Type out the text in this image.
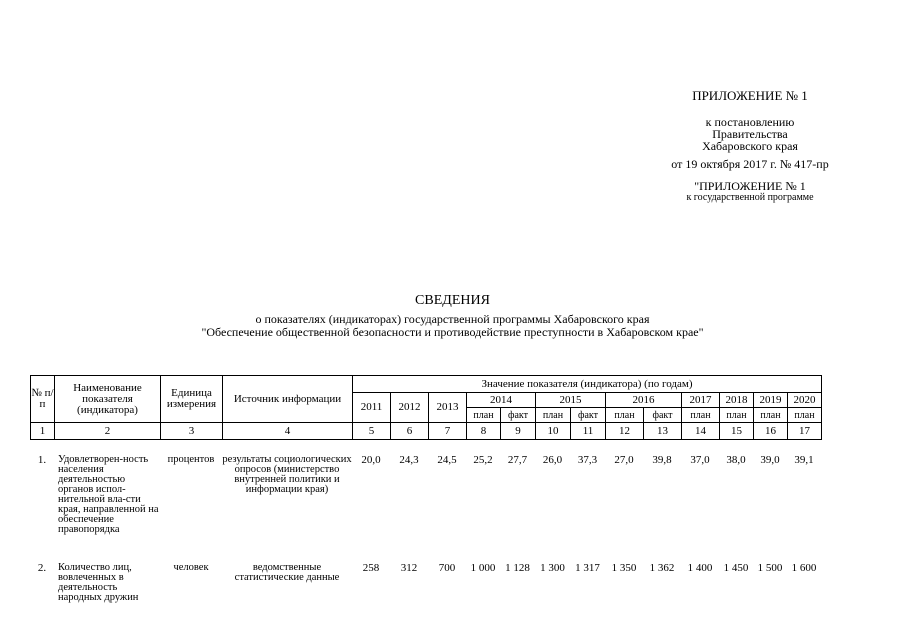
ПРИЛОЖЕНИЕ № 1
к постановлению
Правительства
Хабаровского края
от 19 октября 2017 г. № 417-пр
"ПРИЛОЖЕНИЕ № 1
к государственной программе
СВЕДЕНИЯ
о показателях (индикаторах) государственной программы Хабаровского края
"Обеспечение общественной безопасности и противодействие преступности в Хабаровском крае"
№ п/п	Наименование показателя (индикатора)	Единица измерения	Источник информации	Значение показателя (индикатора) (по годам)												
				2011	2012	2013	2014		2015		2016		2017	2018	2019	2020
							план	факт	план	факт	план	факт	план	план	план	план
1	2	3	4	5	6	7	8	9	10	11	12	13	14	15	16	17
1.	Удовлетворен-ность населения деятельностью органов испол-нительной вла-сти края, направленной на обеспечение правопорядка	процентов	результаты социологических опросов (министерство внутренней политики и информации края)	20,0	24,3	24,5	25,2	27,7	26,0	37,3	27,0	39,8	37,0	38,0	39,0	39,1
2.	Количество лиц, вовлеченных в деятельность народных дружин	человек	ведомственные статистические данные	258	312	700	1 000	1 128	1 300	1 317	1 350	1 362	1 400	1 450	1 500	1 600
